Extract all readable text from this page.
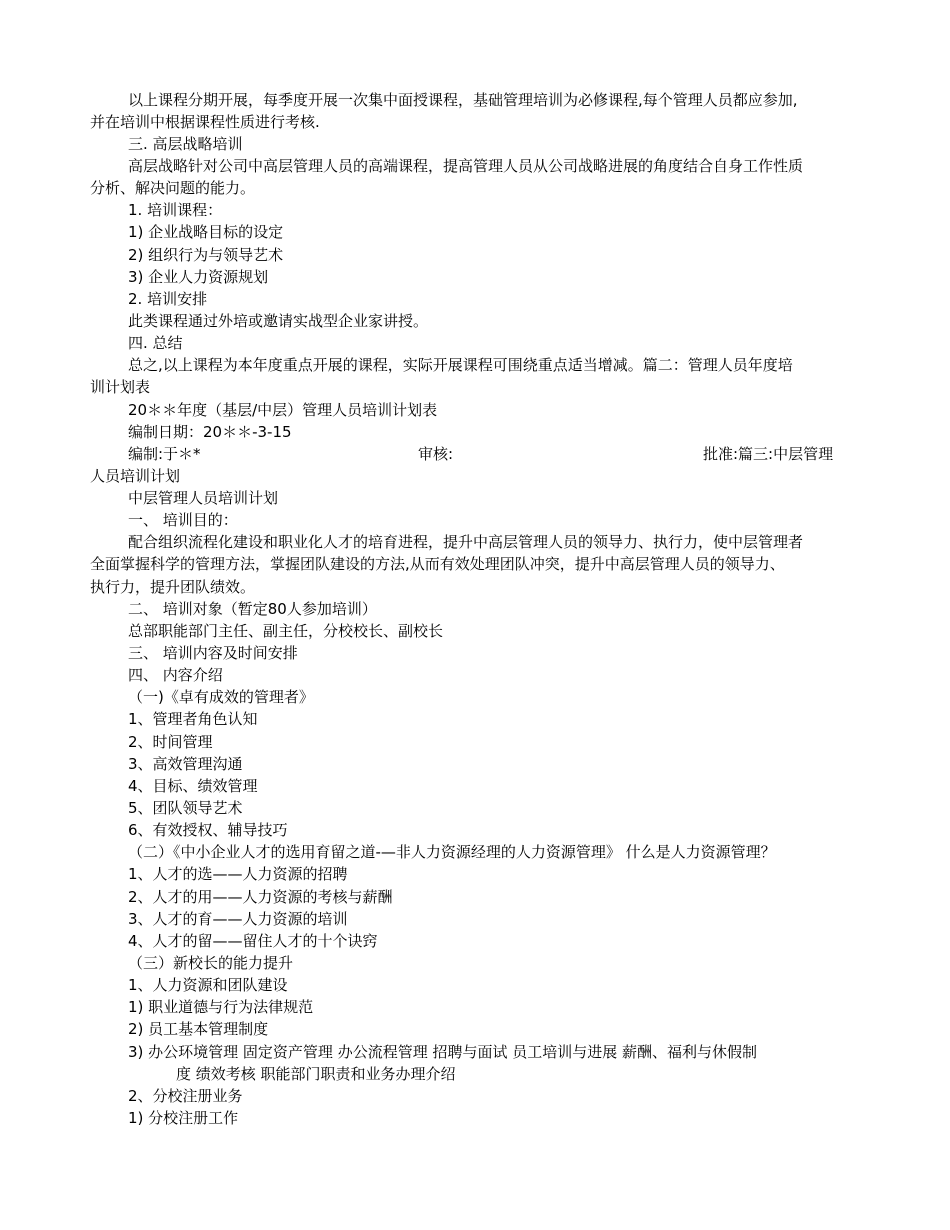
以上课程分期开展，每季度开展一次集中面授课程，基础管理培训为必修课程,每个管理人员都应参加,
并在培训中根据课程性质进行考核.
三. 高层战略培训
高层战略针对公司中高层管理人员的高端课程，提高管理人员从公司战略进展的角度结合自身工作性质
分析、解决问题的能力。
1. 培训课程：
1) 企业战略目标的设定
2) 组织行为与领导艺术
3) 企业人力资源规划
2. 培训安排
此类课程通过外培或邀请实战型企业家讲授。
四. 总结
总之,以上课程为本年度重点开展的课程，实际开展课程可围绕重点适当增减。篇二：管理人员年度培
训计划表
20＊＊年度（基层/中层）管理人员培训计划表
编制日期：20＊＊-3-15
编制:于＊*	审核:	批准:篇三:中层管理
人员培训计划
中层管理人员培训计划
一、 培训目的：
配合组织流程化建设和职业化人才的培育进程，提升中高层管理人员的领导力、执行力，使中层管理者
全面掌握科学的管理方法，掌握团队建设的方法,从而有效处理团队冲突，提升中高层管理人员的领导力、
执行力，提升团队绩效。
二、 培训对象（暂定80人参加培训）
总部职能部门主任、副主任，分校校长、副校长
三、 培训内容及时间安排
四、 内容介绍
（一)《卓有成效的管理者》
1、管理者角色认知
2、时间管理
3、高效管理沟通
4、目标、绩效管理
5、团队领导艺术
6、有效授权、辅导技巧
（二）《中小企业人才的选用育留之道-—非人力资源经理的人力资源管理》 什么是人力资源管理？
1、人才的选——人力资源的招聘
2、人才的用——人力资源的考核与薪酬
3、人才的育——人力资源的培训
4、人才的留——留住人才的十个诀窍
（三）新校长的能力提升
1、人力资源和团队建设
1) 职业道德与行为法律规范
2) 员工基本管理制度
3) 办公环境管理 固定资产管理 办公流程管理 招聘与面试 员工培训与进展 薪酬、福利与休假制
度 绩效考核 职能部门职责和业务办理介绍
2、分校注册业务
1) 分校注册工作
